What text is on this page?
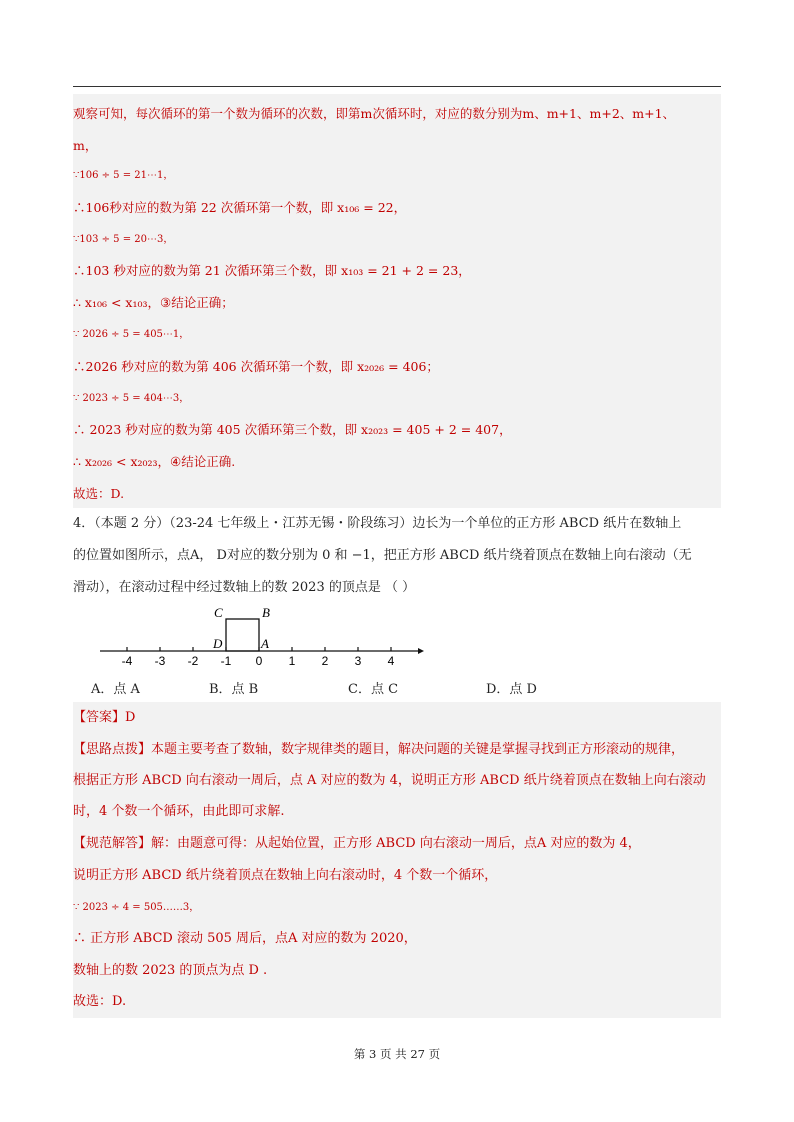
观察可知，每次循环的第一个数为循环的次数，即第m次循环时，对应的数分别为m、m+1、m+2、m+1、
m，
∵106 ÷ 5 = 21⋯1，
∴106秒对应的数为第 22 次循环第一个数，即 x₁₀₆ = 22，
∵103 ÷ 5 = 20⋯3，
∴103 秒对应的数为第 21 次循环第三个数，即 x₁₀₃ = 21 + 2 = 23，
∴ x₁₀₆ < x₁₀₃，③结论正确；
∵ 2026 ÷ 5 = 405⋯1，
∴2026 秒对应的数为第 406 次循环第一个数，即 x₂₀₂₆ = 406；
∵ 2023 ÷ 5 = 404⋯3，
∴ 2023 秒对应的数为第 405 次循环第三个数，即 x₂₀₂₃ = 405 + 2 = 407，
∴ x₂₀₂₆ < x₂₀₂₃，④结论正确.
故选：D.
4．（本题 2 分）（23-24 七年级上・江苏无锡・阶段练习）边长为一个单位的正方形 ABCD 纸片在数轴上
的位置如图所示，点A， D对应的数分别为 0 和 −1，把正方形 ABCD 纸片绕着顶点在数轴上向右滚动（无
滑动），在滚动过程中经过数轴上的数 2023 的顶点是 （ ）
-4 -3 -2 -1 0 1 2 3 4
C	B
D	A
A．点 A	B．点 B	C．点 C	D．点 D
【答案】D
【思路点拨】本题主要考查了数轴，数字规律类的题目，解决问题的关键是掌握寻找到正方形滚动的规律，
根据正方形 ABCD 向右滚动一周后，点 A 对应的数为 4，说明正方形 ABCD 纸片绕着顶点在数轴上向右滚动
时，4 个数一个循环，由此即可求解.
【规范解答】解：由题意可得：从起始位置，正方形 ABCD 向右滚动一周后，点A 对应的数为 4，
说明正方形 ABCD 纸片绕着顶点在数轴上向右滚动时，4 个数一个循环，
∵ 2023 ÷ 4 = 505……3，
∴ 正方形 ABCD 滚动 505 周后，点A 对应的数为 2020，
数轴上的数 2023 的顶点为点 D .
故选：D.
第 3 页 共 27 页
